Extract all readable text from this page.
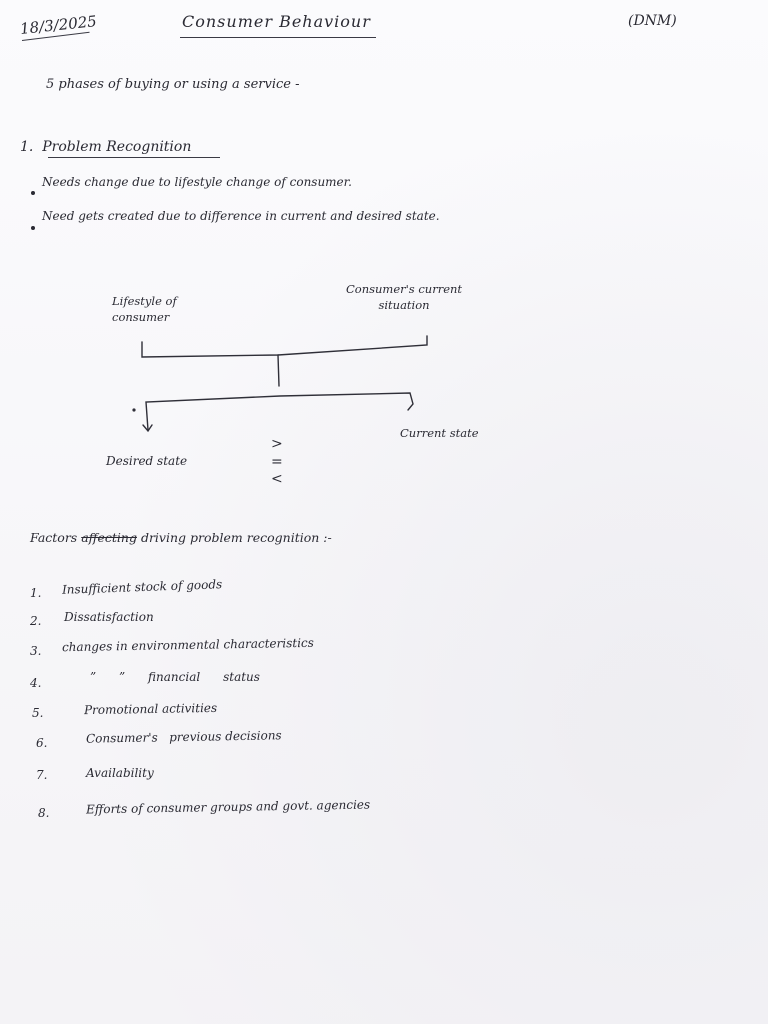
18/3/2025	Consumer Behaviour	(DNM)
5 phases of buying or using a service -
1. Problem Recognition
Needs change due to lifestyle change of consumer.
Need gets created due to difference in current and desired state.
Lifestyle of
consumer
Consumer's current
situation
Current state
Desired state
>
=
<
Factors affecting driving problem recognition :-
1. Insufficient stock of goods
2. Dissatisfaction
3. changes in environmental characteristics
4.	”      ”      financial      status
5.	Promotional activities
6.	Consumer's   previous decisions
7.	Availability
8.	Efforts of consumer groups and govt. agencies
